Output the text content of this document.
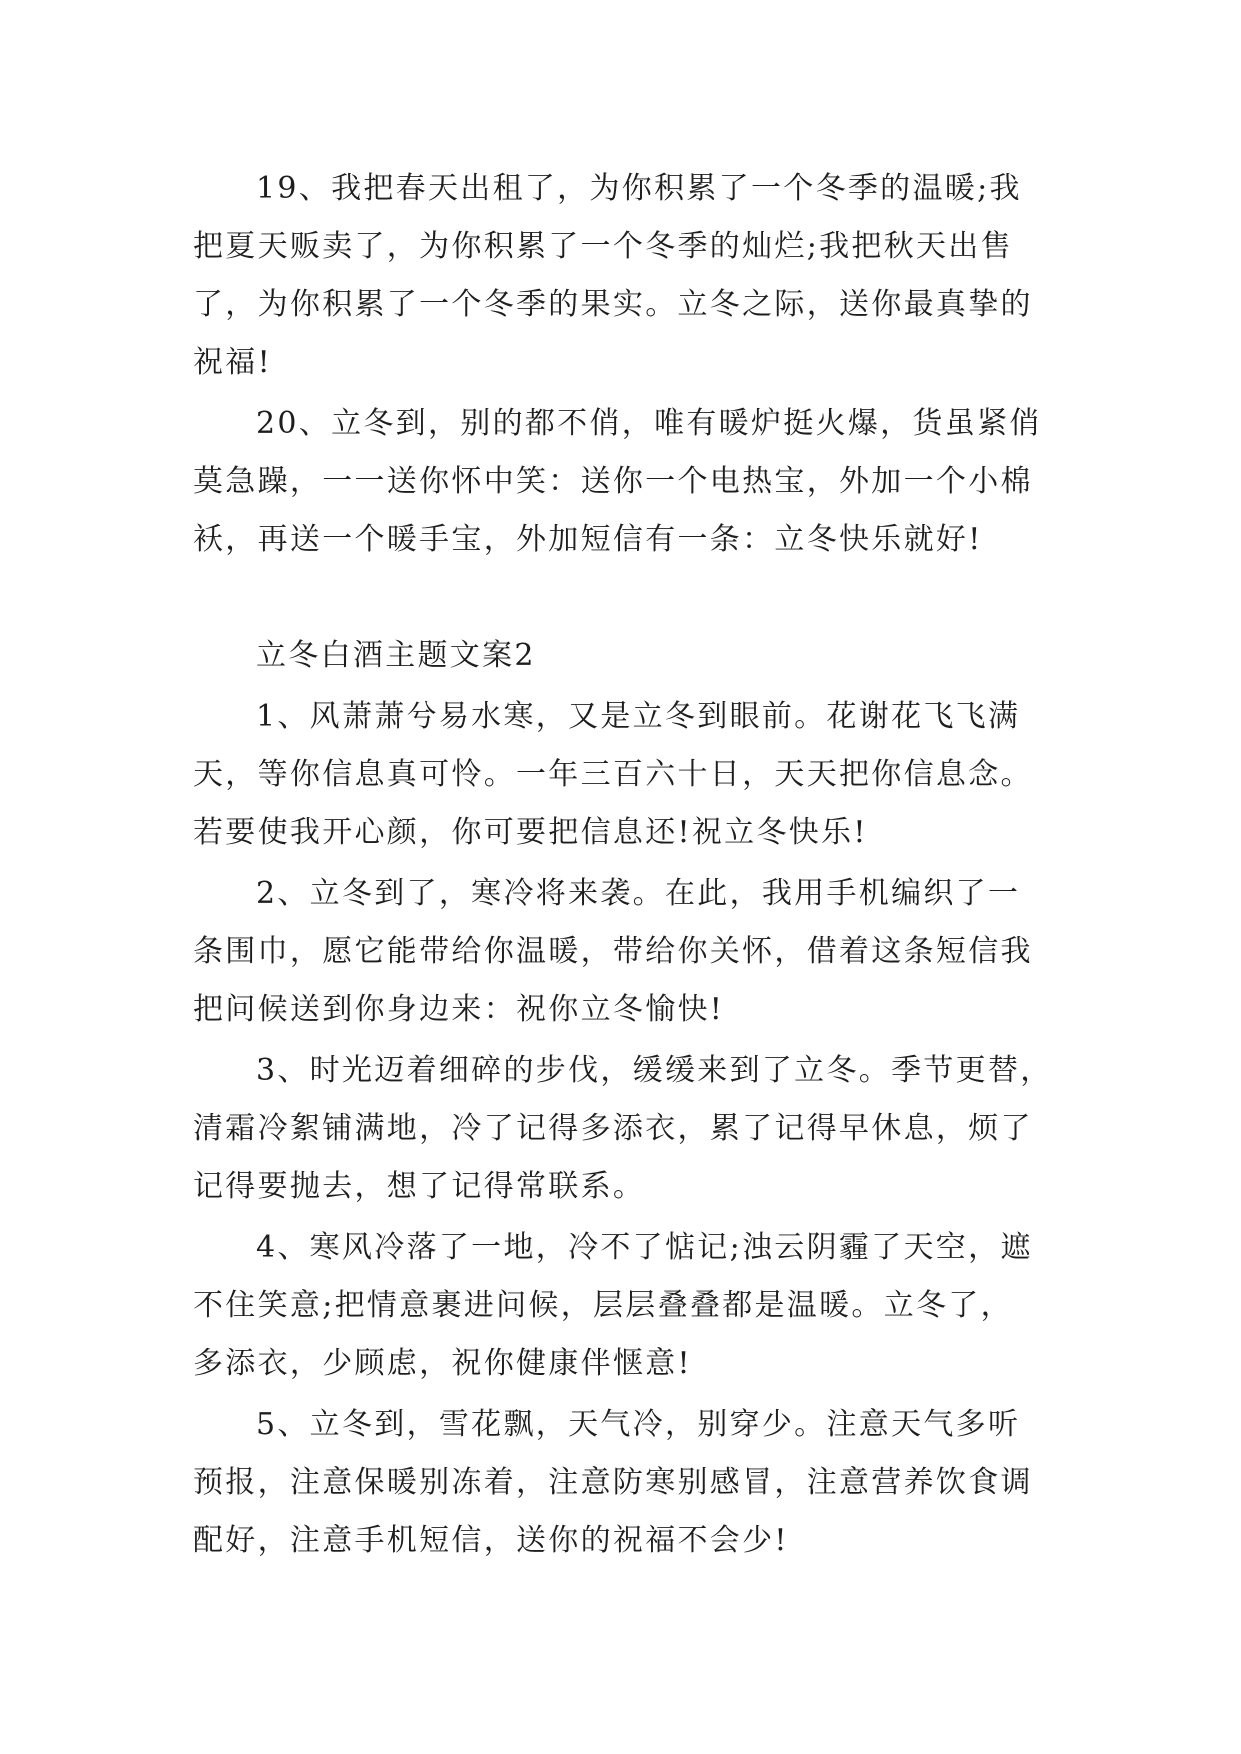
19、我把春天出租了，为你积累了一个冬季的温暖;我
把夏天贩卖了，为你积累了一个冬季的灿烂;我把秋天出售
了，为你积累了一个冬季的果实。立冬之际，送你最真挚的
祝福!
20、立冬到，别的都不俏，唯有暖炉挺火爆，货虽紧俏
莫急躁，一一送你怀中笑：送你一个电热宝，外加一个小棉
袄，再送一个暖手宝，外加短信有一条：立冬快乐就好!
立冬白酒主题文案2
1、风萧萧兮易水寒，又是立冬到眼前。花谢花飞飞满
天，等你信息真可怜。一年三百六十日，天天把你信息念。
若要使我开心颜，你可要把信息还!祝立冬快乐!
2、立冬到了，寒冷将来袭。在此，我用手机编织了一
条围巾，愿它能带给你温暖，带给你关怀，借着这条短信我
把问候送到你身边来：祝你立冬愉快!
3、时光迈着细碎的步伐，缓缓来到了立冬。季节更替，
清霜冷絮铺满地，冷了记得多添衣，累了记得早休息，烦了
记得要抛去，想了记得常联系。
4、寒风冷落了一地，冷不了惦记;浊云阴霾了天空，遮
不住笑意;把情意裹进问候，层层叠叠都是温暖。立冬了，
多添衣，少顾虑，祝你健康伴惬意!
5、立冬到，雪花飘，天气冷，别穿少。注意天气多听
预报，注意保暖别冻着，注意防寒别感冒，注意营养饮食调
配好，注意手机短信，送你的祝福不会少!
